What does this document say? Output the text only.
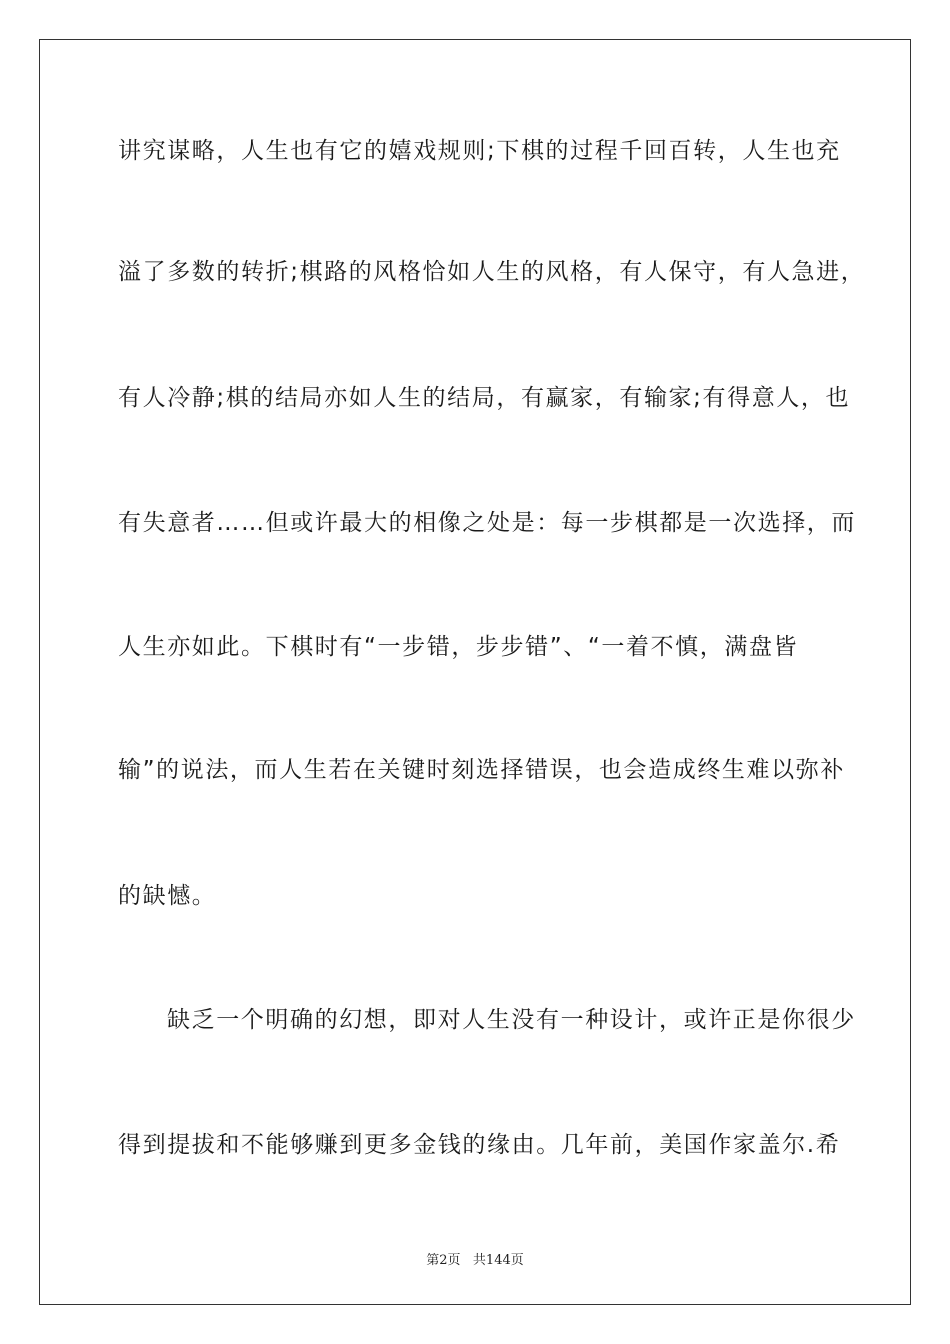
讲究谋略，人生也有它的嬉戏规则;下棋的过程千回百转，人生也充
溢了多数的转折;棋路的风格恰如人生的风格，有人保守，有人急进，
有人冷静;棋的结局亦如人生的结局，有赢家，有输家;有得意人，也
有失意者……但或许最大的相像之处是：每一步棋都是一次选择，而
人生亦如此。下棋时有“一步错，步步错”、“一着不慎，满盘皆
输”的说法，而人生若在关键时刻选择错误，也会造成终生难以弥补
的缺憾。
缺乏一个明确的幻想，即对人生没有一种设计，或许正是你很少
得到提拔和不能够赚到更多金钱的缘由。几年前，美国作家盖尔.希
第2页 共144页
